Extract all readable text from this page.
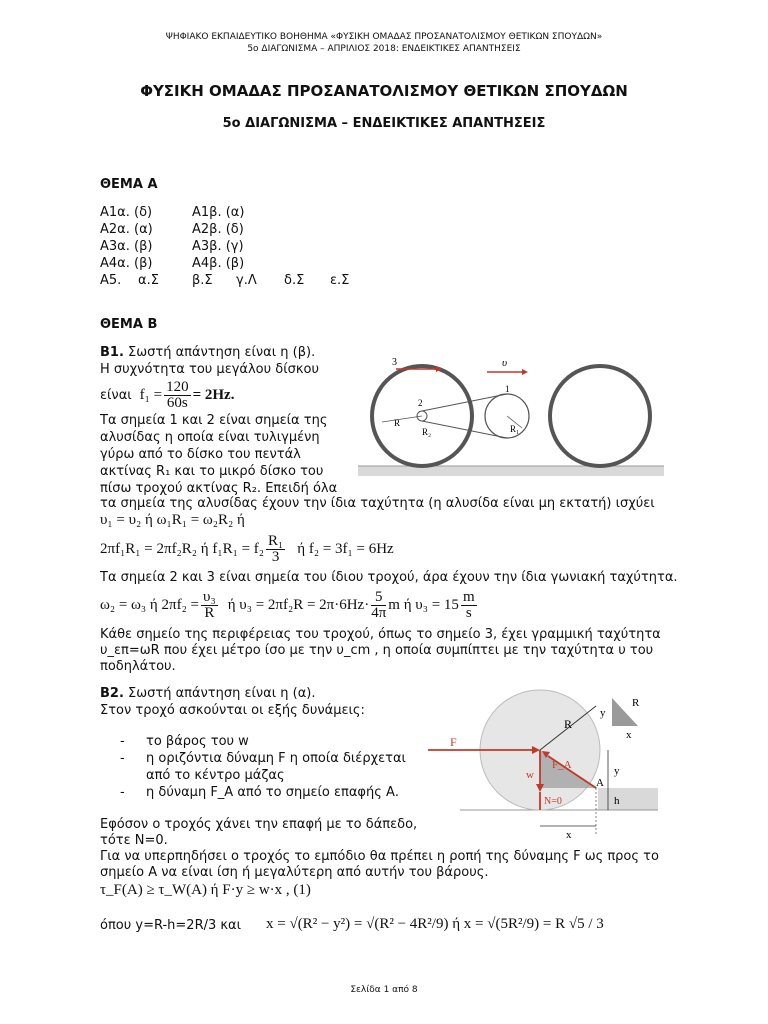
ΨΗΦΙΑΚΟ ΕΚΠΑΙΔΕΥΤΙΚΟ ΒΟΗΘΗΜΑ «ΦΥΣΙΚΗ ΟΜΑΔΑΣ ΠΡΟΣΑΝΑΤΟΛΙΣΜΟΥ ΘΕΤΙΚΩΝ ΣΠΟΥΔΩΝ»
5ο ΔΙΑΓΩΝΙΣΜΑ – ΑΠΡΙΛΙΟΣ 2018: ΕΝΔΕΙΚΤΙΚΕΣ ΑΠΑΝΤΗΣΕΙΣ
ΦΥΣΙΚΗ ΟΜΑΔΑΣ ΠΡΟΣΑΝΑΤΟΛΙΣΜΟΥ ΘΕΤΙΚΩΝ ΣΠΟΥΔΩΝ
5ο ΔΙΑΓΩΝΙΣΜΑ – ΕΝΔΕΙΚΤΙΚΕΣ ΑΠΑΝΤΗΣΕΙΣ
ΘΕΜΑ Α
Α1α. (δ)	Α1β. (α)
Α2α. (α)	Α2β. (δ)
Α3α. (β)	Α3β. (γ)
Α4α. (β)	Α4β. (β)
Α5. α.Σ	β.Σ γ.Λ δ.Σ ε.Σ
ΘΕΜΑ Β
Β1. Σωστή απάντηση είναι η (β).
Η συχνότητα του μεγάλου δίσκου
είναι $f_1 = \frac{120}{60s} = 2Hz$ .
Τα σημεία 1 και 2 είναι σημεία της
αλυσίδας η οποία είναι τυλιγμένη
γύρω από το δίσκο του πεντάλ
ακτίνας R₁ και το μικρό δίσκο του
πίσω τροχού ακτίνας R₂. Επειδή όλα
τα σημεία της αλυσίδας έχουν την ίδια ταχύτητα (η αλυσίδα είναι μη εκτατή) ισχύει
υ₁ = υ₂ ή ω₁R₁ = ω₂R₂ ή
2πf₁R₁ = 2πf₂R₂ ή $f_1R_1 = f_2 \frac{\text{R₁}}{3}$ ή f₂ = 3f₁ = 6Hz
Τα σημεία 2 και 3 είναι σημεία του ίδιου τροχού, άρα έχουν την ίδια γωνιακή ταχύτητα.
ω₂ = ω₃ ή $2\pi f_2 = \frac{\text{υ₃}}{R}$ ή $\upsilon_3 = 2\pi f_2R = 2\pi\cdot 6Hz\cdot \frac{5}{4\pi}$ m ή $\upsilon_3 = 15 \frac{m}{s}$
Κάθε σημείο της περιφέρειας του τροχού, όπως το σημείο 3, έχει γραμμική ταχύτητα
υ_επ=ωR που έχει μέτρο ίσο με την υ_cm , η οποία συμπίπτει με την ταχύτητα υ του
ποδηλάτου.
3	υ
2
R
R₂
1
R₁
Β2. Σωστή απάντηση είναι η (α).
Στον τροχό ασκούνται οι εξής δυνάμεις:
- το βάρος του w
- η οριζόντια δύναμη F η οποία διέρχεται
από το κέντρο μάζας
- η δύναμη F_A από το σημείο επαφής Α.
Εφόσον ο τροχός χάνει την επαφή με το δάπεδο,
τότε Ν=0.
Για να υπερπηδήσει ο τροχός το εμπόδιο θα πρέπει η ροπή της δύναμης F ως προς το
σημείο Α να είναι ίση ή μεγαλύτερη από αυτήν του βάρους.
τ_F(A) ≥ τ_W(A) ή F·y ≥ w·x , (1)
όπου y=R-h=2R/3 και x = √(R² − y²) = √(R² − 4R²/9) ή x = √(5R²/9) = R √5 / 3
R
y
R
x
F
F_A
A
w
N=0
y
h
x
Σελίδα 1 από 8
